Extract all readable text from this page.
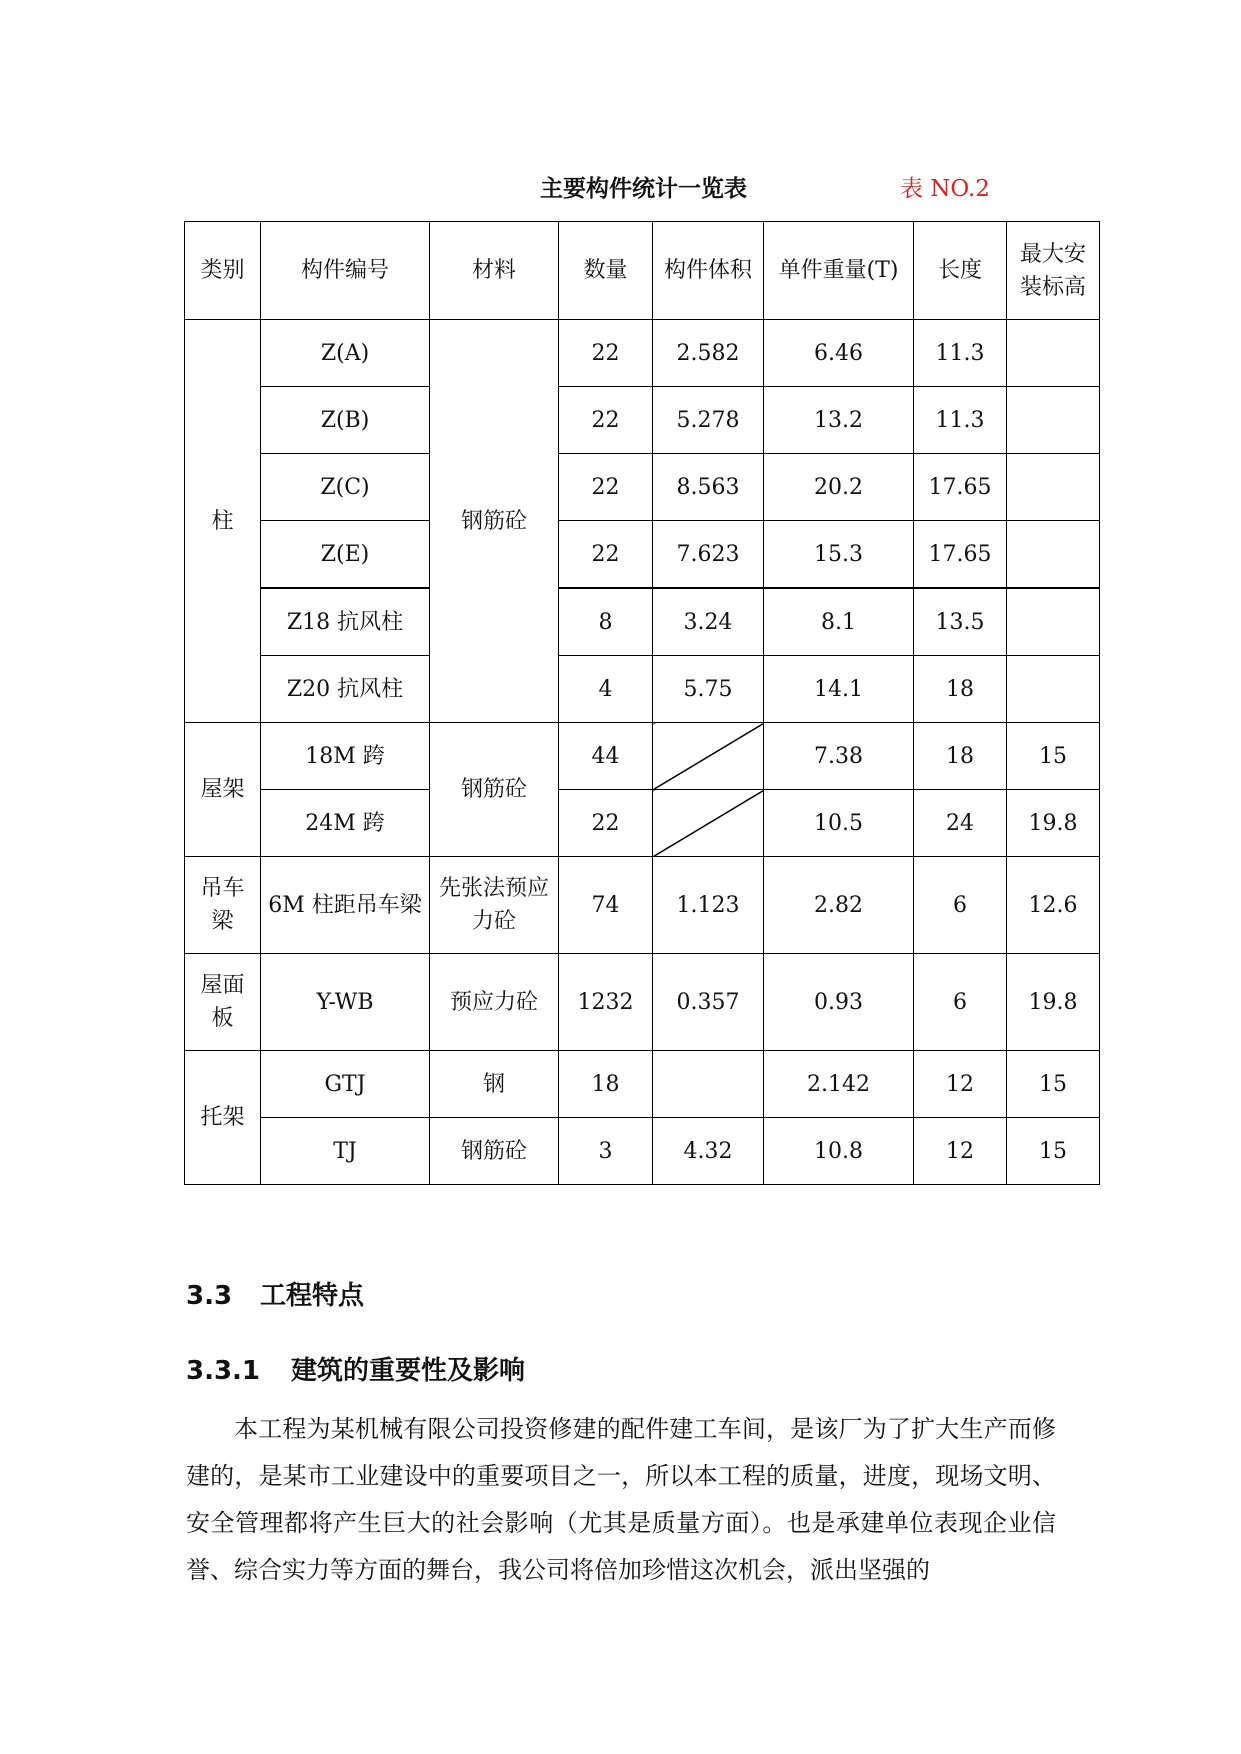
主要构件统计一览表	表 NO.2
类别	构件编号	材料	数量	构件体积	单件重量(T)	长度	最大安装标高
柱	Z(A)	钢筋砼	22	2.582	6.46	11.3	
	Z(B)		22	5.278	13.2	11.3	
	Z(C)		22	8.563	20.2	17.65	
	Z(E)		22	7.623	15.3	17.65	
	Z18 抗风柱		8	3.24	8.1	13.5	
	Z20 抗风柱		4	5.75	14.1	18	
屋架	18M 跨	钢筋砼	44		7.38	18	15
	24M 跨		22		10.5	24	19.8
吊车梁	6M 柱距吊车梁	先张法预应力砼	74	1.123	2.82	6	12.6
屋面板	Y-WB	预应力砼	1232	0.357	0.93	6	19.8
托架	GTJ	钢	18		2.142	12	15
	TJ	钢筋砼	3	4.32	10.8	12	15
3.3 工程特点
3.3.1 建筑的重要性及影响
本工程为某机械有限公司投资修建的配件建工车间，是该厂为了扩大生产而修建的，是某市工业建设中的重要项目之一，所以本工程的质量，进度，现场文明、安全管理都将产生巨大的社会影响（尤其是质量方面）。也是承建单位表现企业信誉、综合实力等方面的舞台，我公司将倍加珍惜这次机会，派出坚强的
